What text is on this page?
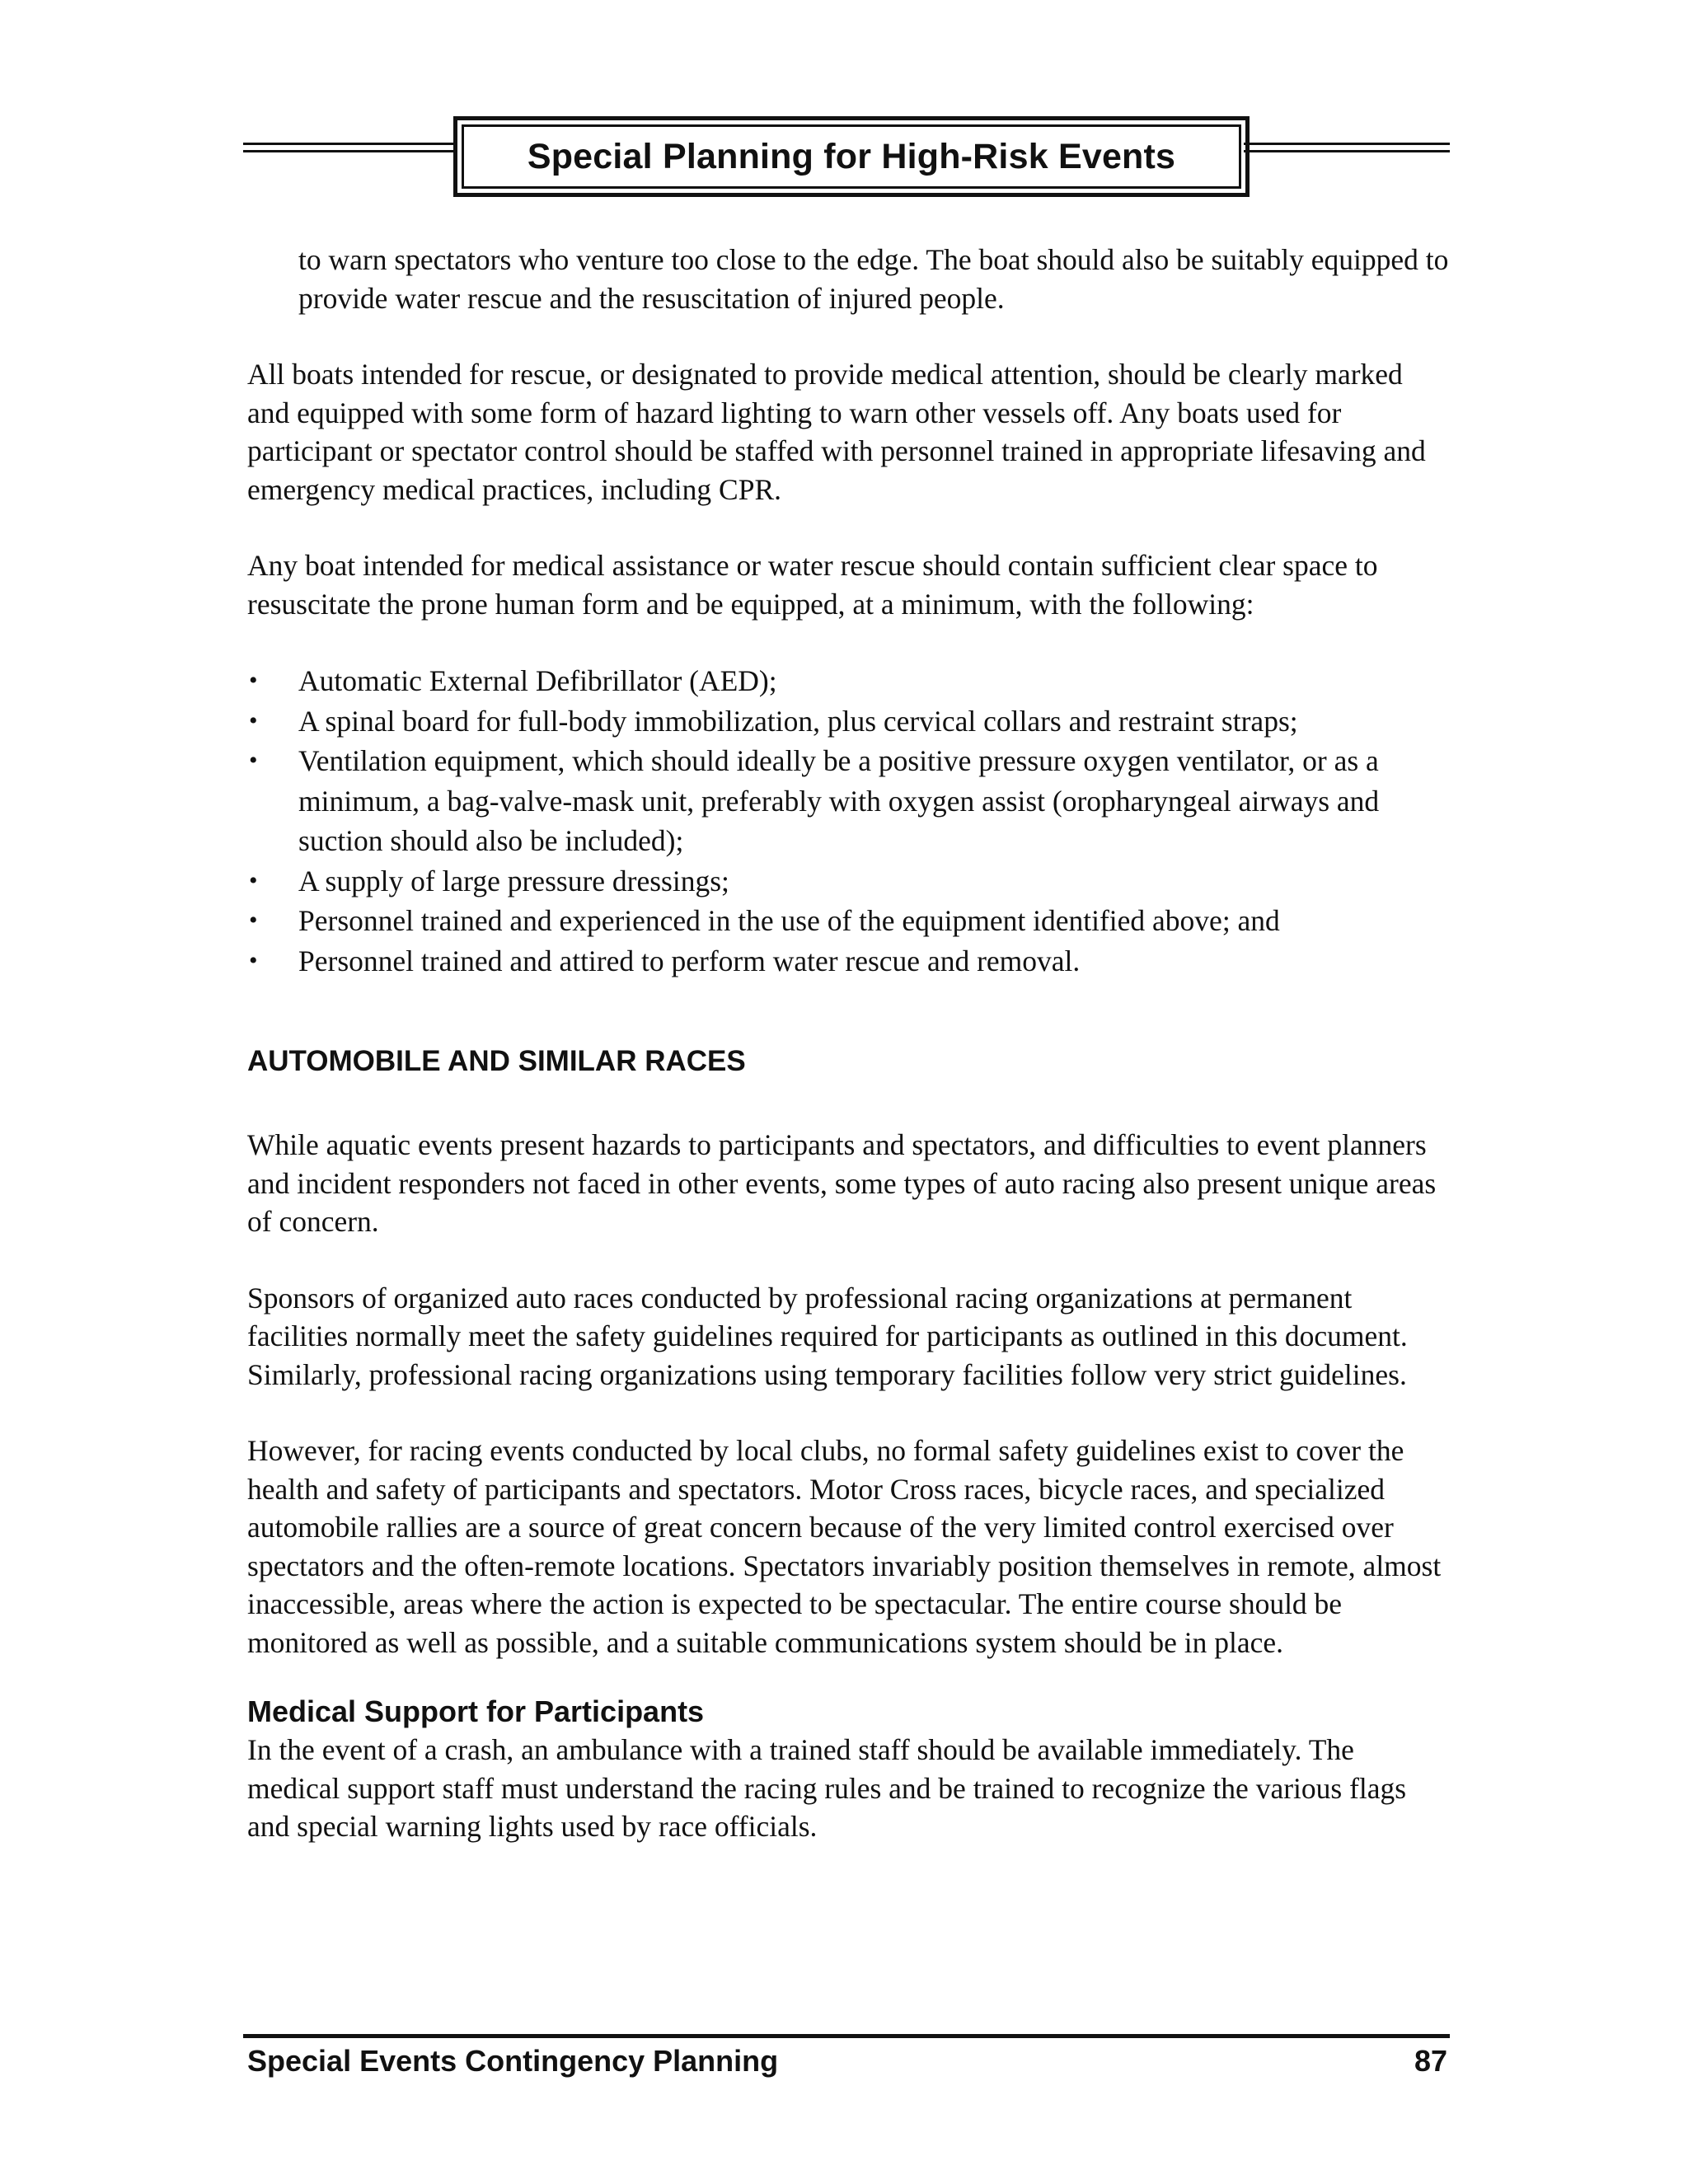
Special Planning for High-Risk Events

to warn spectators who venture too close to the edge. The boat should also be suitably equipped to provide water rescue and the resuscitation of injured people.

All boats intended for rescue, or designated to provide medical attention, should be clearly marked and equipped with some form of hazard lighting to warn other vessels off. Any boats used for participant or spectator control should be staffed with personnel trained in appropriate lifesaving and emergency medical practices, including CPR.

Any boat intended for medical assistance or water rescue should contain sufficient clear space to resuscitate the prone human form and be equipped, at a minimum, with the following:

• Automatic External Defibrillator (AED);
• A spinal board for full-body immobilization, plus cervical collars and restraint straps;
• Ventilation equipment, which should ideally be a positive pressure oxygen ventilator, or as a minimum, a bag-valve-mask unit, preferably with oxygen assist (oropharyngeal airways and suction should also be included);
• A supply of large pressure dressings;
• Personnel trained and experienced in the use of the equipment identified above; and
• Personnel trained and attired to perform water rescue and removal.
AUTOMOBILE AND SIMILAR RACES

While aquatic events present hazards to participants and spectators, and difficulties to event planners and incident responders not faced in other events, some types of auto racing also present unique areas of concern.

Sponsors of organized auto races conducted by professional racing organizations at permanent facilities normally meet the safety guidelines required for participants as outlined in this document. Similarly, professional racing organizations using temporary facilities follow very strict guidelines.

However, for racing events conducted by local clubs, no formal safety guidelines exist to cover the health and safety of participants and spectators. Motor Cross races, bicycle races, and specialized automobile rallies are a source of great concern because of the very limited control exercised over spectators and the often-remote locations. Spectators invariably position themselves in remote, almost inaccessible, areas where the action is expected to be spectacular. The entire course should be monitored as well as possible, and a suitable communications system should be in place.

Medical Support for Participants

In the event of a crash, an ambulance with a trained staff should be available immediately. The medical support staff must understand the racing rules and be trained to recognize the various flags and special warning lights used by race officials.

Special Events Contingency Planning	87
